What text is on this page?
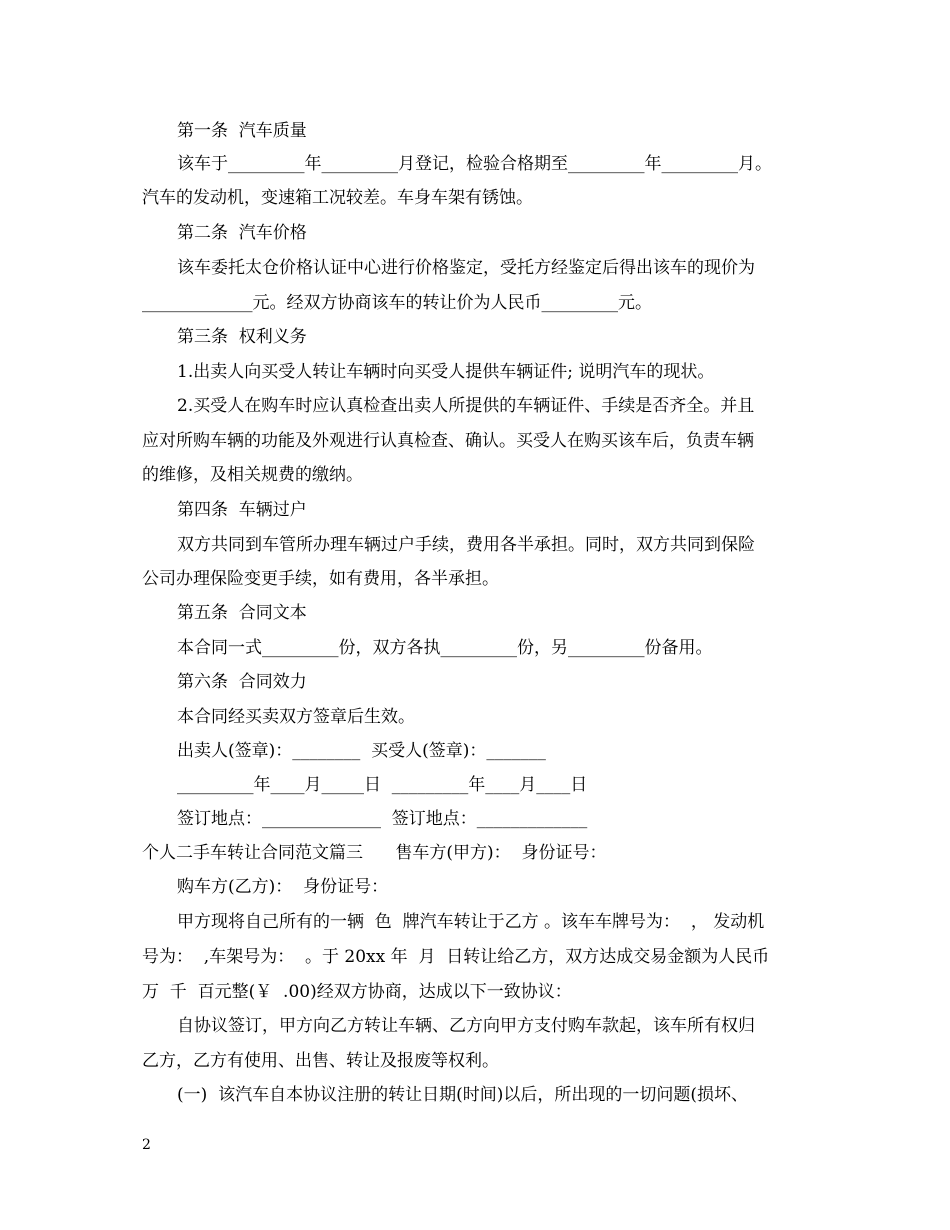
第一条  汽车质量
该车于_________年_________月登记，检验合格期至_________年_________月。
汽车的发动机，变速箱工况较差。车身车架有锈蚀。
第二条  汽车价格
该车委托太仓价格认证中心进行价格鉴定，受托方经鉴定后得出该车的现价为
_____________元。经双方协商该车的转让价为人民币_________元。
第三条  权利义务
1.出卖人向买受人转让车辆时向买受人提供车辆证件; 说明汽车的现状。
2.买受人在购车时应认真检查出卖人所提供的车辆证件、手续是否齐全。并且
应对所购车辆的功能及外观进行认真检查、确认。买受人在购买该车后，负责车辆
的维修，及相关规费的缴纳。
第四条  车辆过户
双方共同到车管所办理车辆过户手续，费用各半承担。同时，双方共同到保险
公司办理保险变更手续，如有费用，各半承担。
第五条  合同文本
本合同一式_________份，双方各执_________份，另_________份备用。
第六条  合同效力
本合同经买卖双方签章后生效。
出卖人(签章)：________  买受人(签章)：_______
_________年____月_____日  _________年____月____日
签订地点：______________  签订地点：_____________
个人二手车转让合同范文篇三      售车方(甲方)：  身份证号：
购车方(乙方)：  身份证号：
甲方现将自己所有的一辆  色  牌汽车转让于乙方 。该车车牌号为：  ， 发动机
号为：  ,车架号为：  。于 20xx 年  月  日转让给乙方，双方达成交易金额为人民币
万  千  百元整(￥  .00)经双方协商，达成以下一致协议：
自协议签订，甲方向乙方转让车辆、乙方向甲方支付购车款起，该车所有权归
乙方，乙方有使用、出售、转让及报废等权利。
(一)  该汽车自本协议注册的转让日期(时间)以后，所出现的一切问题(损坏、
2
